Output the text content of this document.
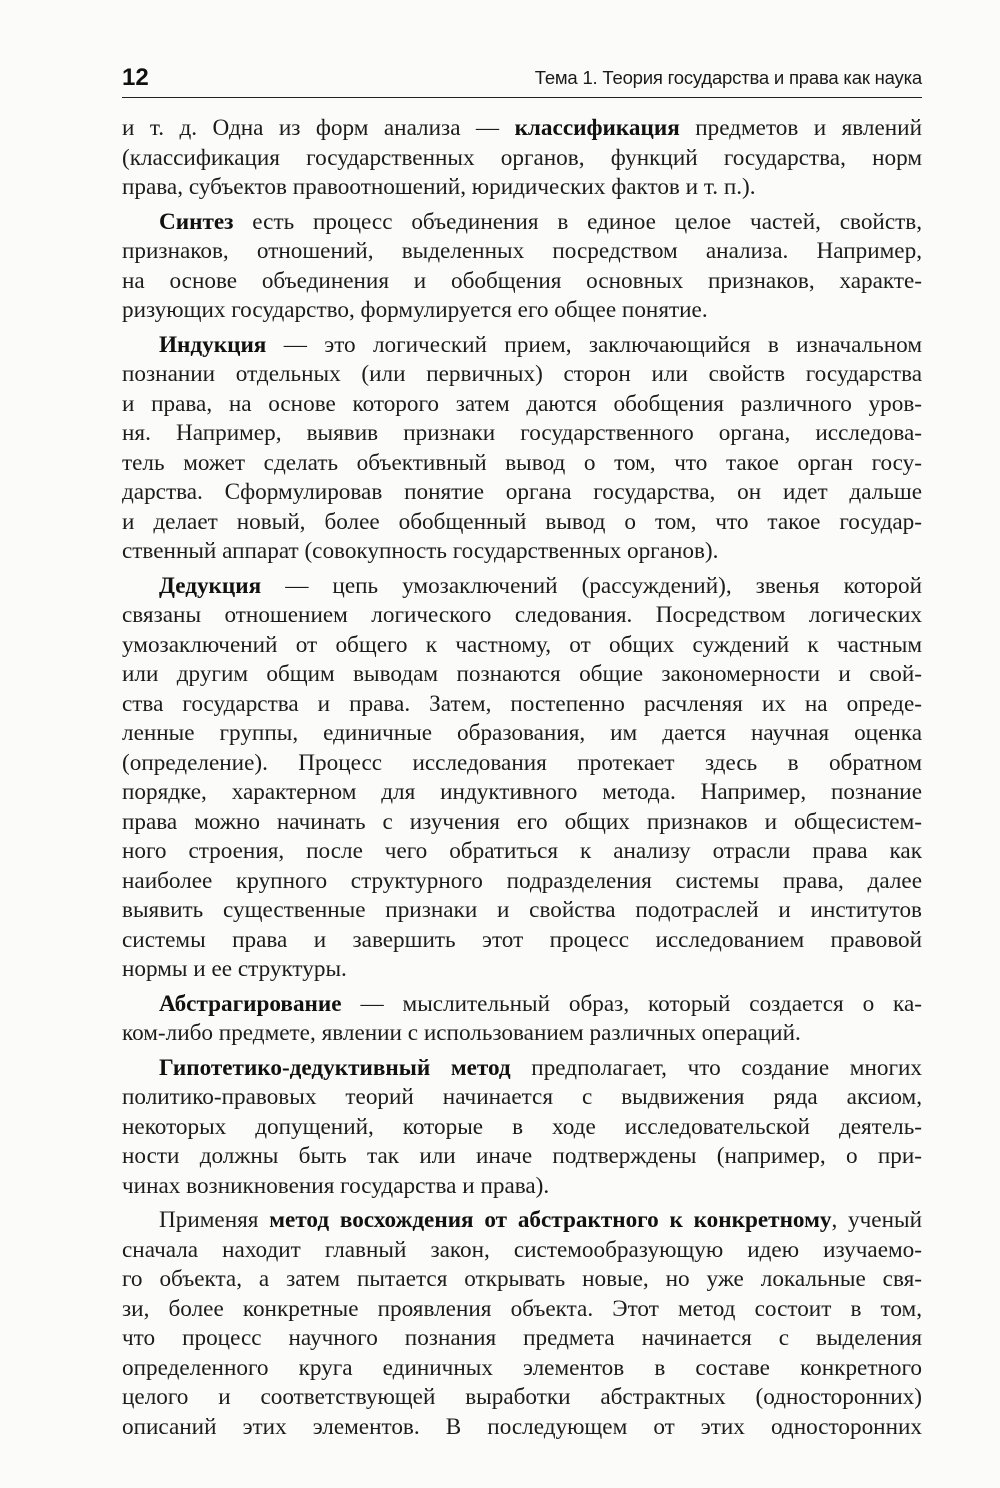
12	Тема 1. Теория государства и права как наука
и т. д. Одна из форм анализа — классификация предметов и явлений
(классификация государственных органов, функций государства, норм
права, субъектов правоотношений, юридических фактов и т. п.).
Синтез есть процесс объединения в единое целое частей, свойств,
признаков, отношений, выделенных посредством анализа. Например,
на основе объединения и обобщения основных признаков, характе-
ризующих государство, формулируется его общее понятие.
Индукция — это логический прием, заключающийся в изначальном
познании отдельных (или первичных) сторон или свойств государства
и права, на основе которого затем даются обобщения различного уров-
ня. Например, выявив признаки государственного органа, исследова-
тель может сделать объективный вывод о том, что такое орган госу-
дарства. Сформулировав понятие органа государства, он идет дальше
и делает новый, более обобщенный вывод о том, что такое государ-
ственный аппарат (совокупность государственных органов).
Дедукция — цепь умозаключений (рассуждений), звенья которой
связаны отношением логического следования. Посредством логических
умозаключений от общего к частному, от общих суждений к частным
или другим общим выводам познаются общие закономерности и свой-
ства государства и права. Затем, постепенно расчленяя их на опреде-
ленные группы, единичные образования, им дается научная оценка
(определение). Процесс исследования протекает здесь в обратном
порядке, характерном для индуктивного метода. Например, познание
права можно начинать с изучения его общих признаков и общесистем-
ного строения, после чего обратиться к анализу отрасли права как
наиболее крупного структурного подразделения системы права, далее
выявить существенные признаки и свойства подотраслей и институтов
системы права и завершить этот процесс исследованием правовой
нормы и ее структуры.
Абстрагирование — мыслительный образ, который создается о ка-
ком-либо предмете, явлении с использованием различных операций.
Гипотетико-дедуктивный метод предполагает, что создание многих
политико-правовых теорий начинается с выдвижения ряда аксиом,
некоторых допущений, которые в ходе исследовательской деятель-
ности должны быть так или иначе подтверждены (например, о при-
чинах возникновения государства и права).
Применяя метод восхождения от абстрактного к конкретному, ученый
сначала находит главный закон, системообразующую идею изучаемо-
го объекта, а затем пытается открывать новые, но уже локальные свя-
зи, более конкретные проявления объекта. Этот метод состоит в том,
что процесс научного познания предмета начинается с выделения
определенного круга единичных элементов в составе конкретного
целого и соответствующей выработки абстрактных (односторонних)
описаний этих элементов. В последующем от этих односторонних
